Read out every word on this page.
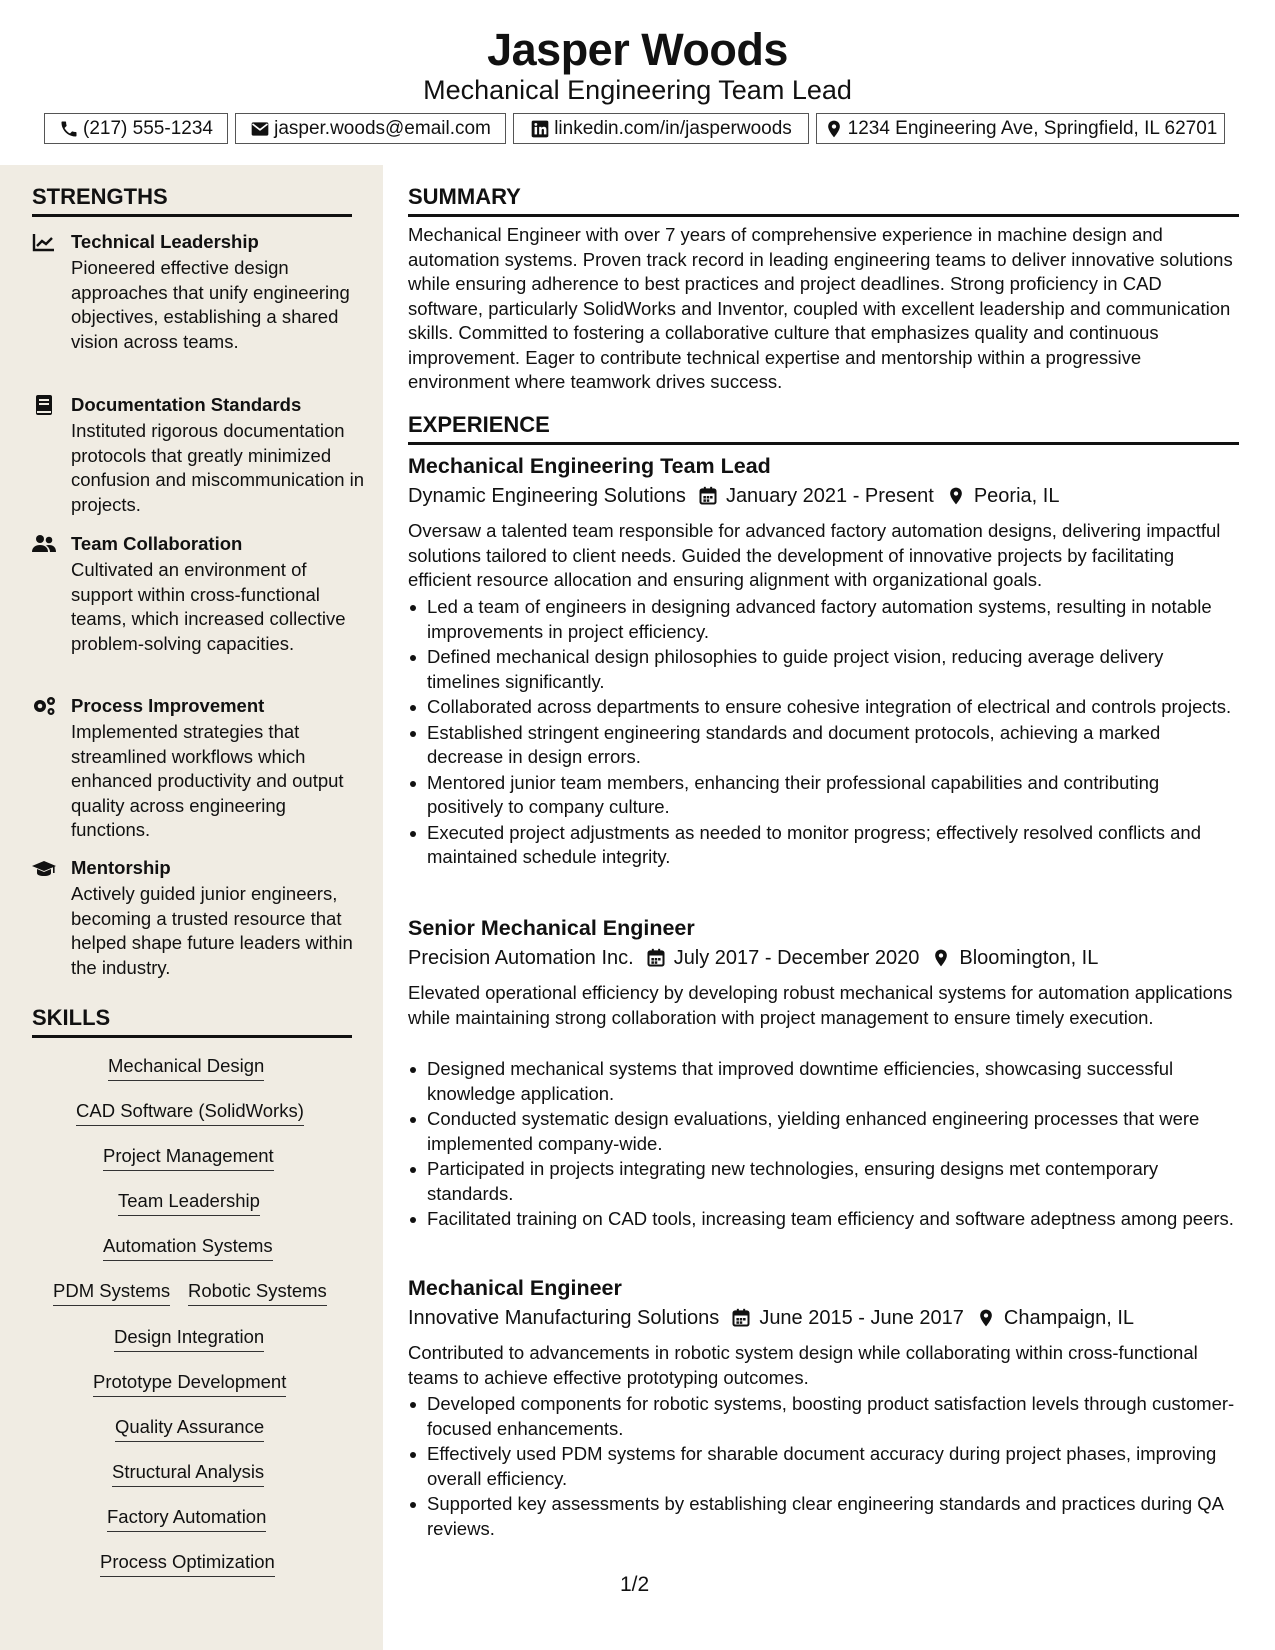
Jasper Woods
Mechanical Engineering Team Lead
(217) 555-1234	jasper.woods@email.com	linkedin.com/in/jasperwoods	1234 Engineering Ave, Springfield, IL 62701
STRENGTHS
Technical Leadership
Pioneered effective design approaches that unify engineering objectives, establishing a shared vision across teams.
Documentation Standards
Instituted rigorous documentation protocols that greatly minimized confusion and miscommunication in projects.
Team Collaboration
Cultivated an environment of support within cross-functional teams, which increased collective problem-solving capacities.
Process Improvement
Implemented strategies that streamlined workflows which enhanced productivity and output quality across engineering functions.
Mentorship
Actively guided junior engineers, becoming a trusted resource that helped shape future leaders within the industry.
SKILLS
Mechanical Design
CAD Software (SolidWorks)
Project Management
Team Leadership
Automation Systems
PDM Systems Robotic Systems
Design Integration
Prototype Development
Quality Assurance
Structural Analysis
Factory Automation
Process Optimization
SUMMARY
Mechanical Engineer with over 7 years of comprehensive experience in machine design and automation systems. Proven track record in leading engineering teams to deliver innovative solutions while ensuring adherence to best practices and project deadlines. Strong proficiency in CAD software, particularly SolidWorks and Inventor, coupled with excellent leadership and communication skills. Committed to fostering a collaborative culture that emphasizes quality and continuous improvement. Eager to contribute technical expertise and mentorship within a progressive environment where teamwork drives success.
EXPERIENCE
Mechanical Engineering Team Lead
Dynamic Engineering Solutions January 2021 - Present Peoria, IL
Oversaw a talented team responsible for advanced factory automation designs, delivering impactful solutions tailored to client needs. Guided the development of innovative projects by facilitating efficient resource allocation and ensuring alignment with organizational goals.
Led a team of engineers in designing advanced factory automation systems, resulting in notable improvements in project efficiency.
Defined mechanical design philosophies to guide project vision, reducing average delivery timelines significantly.
Collaborated across departments to ensure cohesive integration of electrical and controls projects.
Established stringent engineering standards and document protocols, achieving a marked decrease in design errors.
Mentored junior team members, enhancing their professional capabilities and contributing positively to company culture.
Executed project adjustments as needed to monitor progress; effectively resolved conflicts and maintained schedule integrity.
Senior Mechanical Engineer
Precision Automation Inc. July 2017 - December 2020 Bloomington, IL
Elevated operational efficiency by developing robust mechanical systems for automation applications while maintaining strong collaboration with project management to ensure timely execution.
Designed mechanical systems that improved downtime efficiencies, showcasing successful knowledge application.
Conducted systematic design evaluations, yielding enhanced engineering processes that were implemented company-wide.
Participated in projects integrating new technologies, ensuring designs met contemporary standards.
Facilitated training on CAD tools, increasing team efficiency and software adeptness among peers.
Mechanical Engineer
Innovative Manufacturing Solutions June 2015 - June 2017 Champaign, IL
Contributed to advancements in robotic system design while collaborating within cross-functional teams to achieve effective prototyping outcomes.
Developed components for robotic systems, boosting product satisfaction levels through customer-focused enhancements.
Effectively used PDM systems for sharable document accuracy during project phases, improving overall efficiency.
Supported key assessments by establishing clear engineering standards and practices during QA reviews.
1/2
